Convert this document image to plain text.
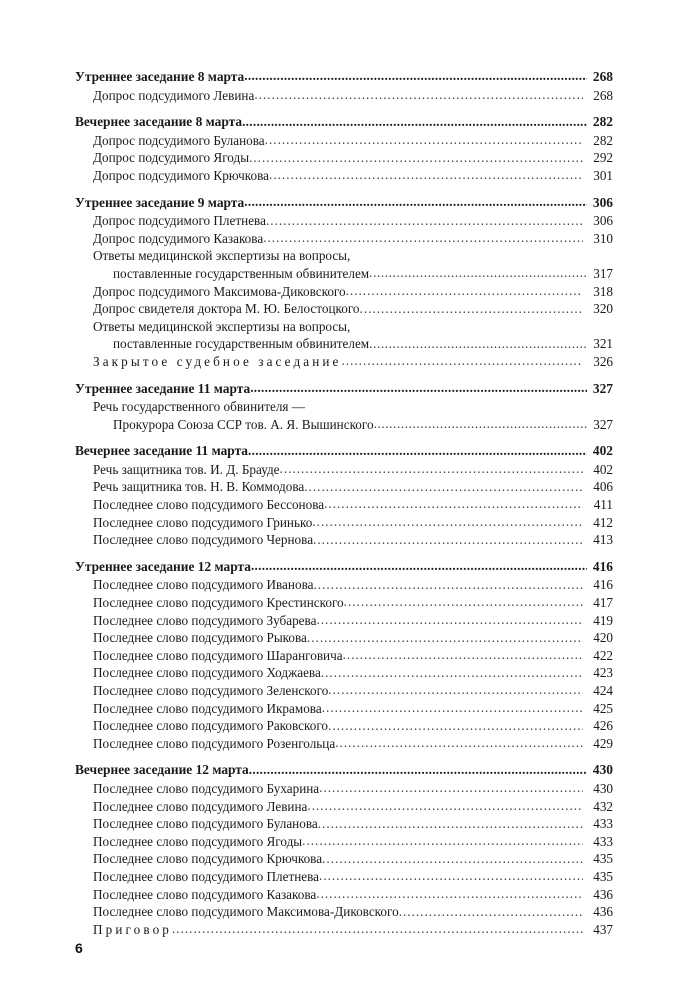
Утреннее заседание 8 марта .....	268
Допрос подсудимого Левина .....	268
Вечернее заседание 8 марта .....	282
Допрос подсудимого Буланова .....	282
Допрос подсудимого Ягоды .....	292
Допрос подсудимого Крючкова .....	301
Утреннее заседание 9 марта .....	306
Допрос подсудимого Плетнева .....	306
Допрос подсудимого Казакова .....	310
Ответы медицинской экспертизы на вопросы,
поставленные государственным обвинителем .....	317
Допрос подсудимого Максимова-Диковского .....	318
Допрос свидетеля доктора М. Ю. Белостоцкого .....	320
Ответы медицинской экспертизы на вопросы,
поставленные государственным обвинителем .....	321
Закрытое судебное заседание .....	326
Утреннее заседание 11 марта .....	327
Речь государственного обвинителя —
Прокурора Союза ССР тов. А. Я. Вышинского .....	327
Вечернее заседание 11 марта .....	402
Речь защитника тов. И. Д. Брауде .....	402
Речь защитника тов. Н. В. Коммодова .....	406
Последнее слово подсудимого Бессонова .....	411
Последнее слово подсудимого Гринько .....	412
Последнее слово подсудимого Чернова .....	413
Утреннее заседание 12 марта .....	416
Последнее слово подсудимого Иванова .....	416
Последнее слово подсудимого Крестинского .....	417
Последнее слово подсудимого Зубарева .....	419
Последнее слово подсудимого Рыкова .....	420
Последнее слово подсудимого Шаранговича .....	422
Последнее слово подсудимого Ходжаева .....	423
Последнее слово подсудимого Зеленского .....	424
Последнее слово подсудимого Икрамова .....	425
Последнее слово подсудимого Раковского .....	426
Последнее слово подсудимого Розенгольца .....	429
Вечернее заседание 12 марта .....	430
Последнее слово подсудимого Бухарина .....	430
Последнее слово подсудимого Левина .....	432
Последнее слово подсудимого Буланова .....	433
Последнее слово подсудимого Ягоды .....	433
Последнее слово подсудимого Крючкова .....	435
Последнее слово подсудимого Плетнева .....	435
Последнее слово подсудимого Казакова .....	436
Последнее слово подсудимого Максимова-Диковского .....	436
Приговор .....	437
6
